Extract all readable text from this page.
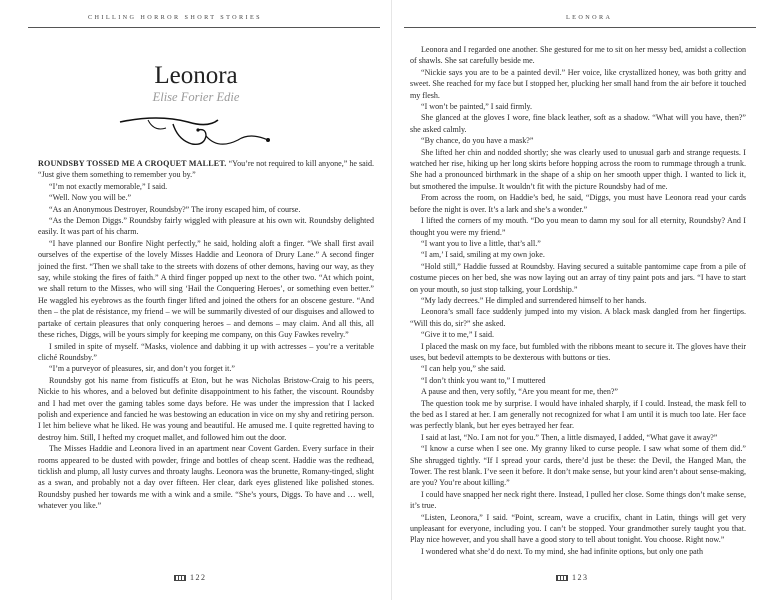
CHILLING HORROR SHORT STORIES
Leonora
Elise Forier Edie

ROUNDSBY TOSSED ME A CROQUET MALLET. “You’re not required to kill anyone,” he said. “Just give them something to remember you by.”

“I’m not exactly memorable,” I said.

“Well. Now you will be.”

“As an Anonymous Destroyer, Roundsby?” The irony escaped him, of course.

“As the Demon Diggs.” Roundsby fairly wiggled with pleasure at his own wit. Roundsby delighted easily. It was part of his charm.

“I have planned our Bonfire Night perfectly,” he said, holding aloft a finger. “We shall first avail ourselves of the expertise of the lovely Misses Haddie and Leonora of Drury Lane.” A second finger joined the first. “Then we shall take to the streets with dozens of other demons, having our way, as they say, while stoking the fires of faith.” A third finger popped up next to the other two. “At which point, we shall return to the Misses, who will sing ‘Hail the Conquering Heroes’, or something even better.” He waggled his eyebrows as the fourth finger lifted and joined the others for an obscene gesture. “And then – the plat de résistance, my friend – we will be summarily divested of our disguises and allowed to partake of certain pleasures that only conquering heroes – and demons – may claim. And all this, all these riches, Diggs, will be yours simply for keeping me company, on this Guy Fawkes revelry.”

I smiled in spite of myself. “Masks, violence and dabbing it up with actresses – you’re a veritable cliché Roundsby.”

“I’m a purveyor of pleasures, sir, and don’t you forget it.”

Roundsby got his name from fisticuffs at Eton, but he was Nicholas Bristow-Craig to his peers, Nickie to his whores, and a beloved but definite disappointment to his father, the viscount. Roundsby and I had met over the gaming tables some days before. He was under the impression that I lacked polish and experience and fancied he was bestowing an education in vice on my shy and retiring person. I let him believe what he liked. He was young and beautiful. He amused me. I quite regretted having to destroy him. Still, I hefted my croquet mallet, and followed him out the door.

The Misses Haddie and Leonora lived in an apartment near Covent Garden. Every surface in their rooms appeared to be dusted with powder, fringe and bottles of cheap scent. Haddie was the redhead, ticklish and plump, all lusty curves and throaty laughs. Leonora was the brunette, Romany-tinged, slight as a swan, and probably not a day over fifteen. Her clear, dark eyes glistened like polished stones. Roundsby pushed her towards me with a wink and a smile. “She’s yours, Diggs. To have and … well, whatever you like.”

122
LEONORA

Leonora and I regarded one another. She gestured for me to sit on her messy bed, amidst a collection of shawls. She sat carefully beside me.

“Nickie says you are to be a painted devil.” Her voice, like crystallized honey, was both gritty and sweet. She reached for my face but I stopped her, plucking her small hand from the air before it touched my flesh.

“I won’t be painted,” I said firmly.

She glanced at the gloves I wore, fine black leather, soft as a shadow. “What will you have, then?” she asked calmly.

“By chance, do you have a mask?”

She lifted her chin and nodded shortly; she was clearly used to unusual garb and strange requests. I watched her rise, hiking up her long skirts before hopping across the room to rummage through a trunk. She had a pronounced birthmark in the shape of a ship on her smooth upper thigh. I wanted to lick it, but smothered the impulse. It wouldn’t fit with the picture Roundsby had of me.

From across the room, on Haddie’s bed, he said, “Diggs, you must have Leonora read your cards before the night is over. It’s a lark and she’s a wonder.”

I lifted the corners of my mouth. “Do you mean to damn my soul for all eternity, Roundsby? And I thought you were my friend.”

“I want you to live a little, that’s all.”

“I am,’ I said, smiling at my own joke.

“Hold still,” Haddie fussed at Roundsby. Having secured a suitable pantomime cape from a pile of costume pieces on her bed, she was now laying out an array of tiny paint pots and jars. “I have to start on your mouth, so just stop talking, your Lordship.”

“My lady decrees.” He dimpled and surrendered himself to her hands.

Leonora’s small face suddenly jumped into my vision. A black mask dangled from her fingertips. “Will this do, sir?” she asked.

“Give it to me,” I said.

I placed the mask on my face, but fumbled with the ribbons meant to secure it. The gloves have their uses, but bedevil attempts to be dexterous with buttons or ties.

“I can help you,” she said.

“I don’t think you want to,” I muttered

A pause and then, very softly, “Are you meant for me, then?”

The question took me by surprise. I would have inhaled sharply, if I could. Instead, the mask fell to the bed as I stared at her. I am generally not recognized for what I am until it is much too late. Her face was perfectly blank, but her eyes betrayed her fear.

I said at last, “No. I am not for you.” Then, a little dismayed, I added, “What gave it away?”

“I know a curse when I see one. My granny liked to curse people. I saw what some of them did.” She shrugged tightly. “If I spread your cards, there’d just be these: the Devil, the Hanged Man, the Tower. The rest blank. I’ve seen it before. It don’t make sense, but your kind aren’t about sense-making, are you? You’re about killing.”

I could have snapped her neck right there. Instead, I pulled her close. Some things don’t make sense, it’s true.

“Listen, Leonora,” I said. “Point, scream, wave a crucifix, chant in Latin, things will get very unpleasant for everyone, including you. I can’t be stopped. Your grandmother surely taught you that. Play nice however, and you shall have a good story to tell about tonight. You choose. Right now.”

I wondered what she’d do next. To my mind, she had infinite options, but only one path

123
